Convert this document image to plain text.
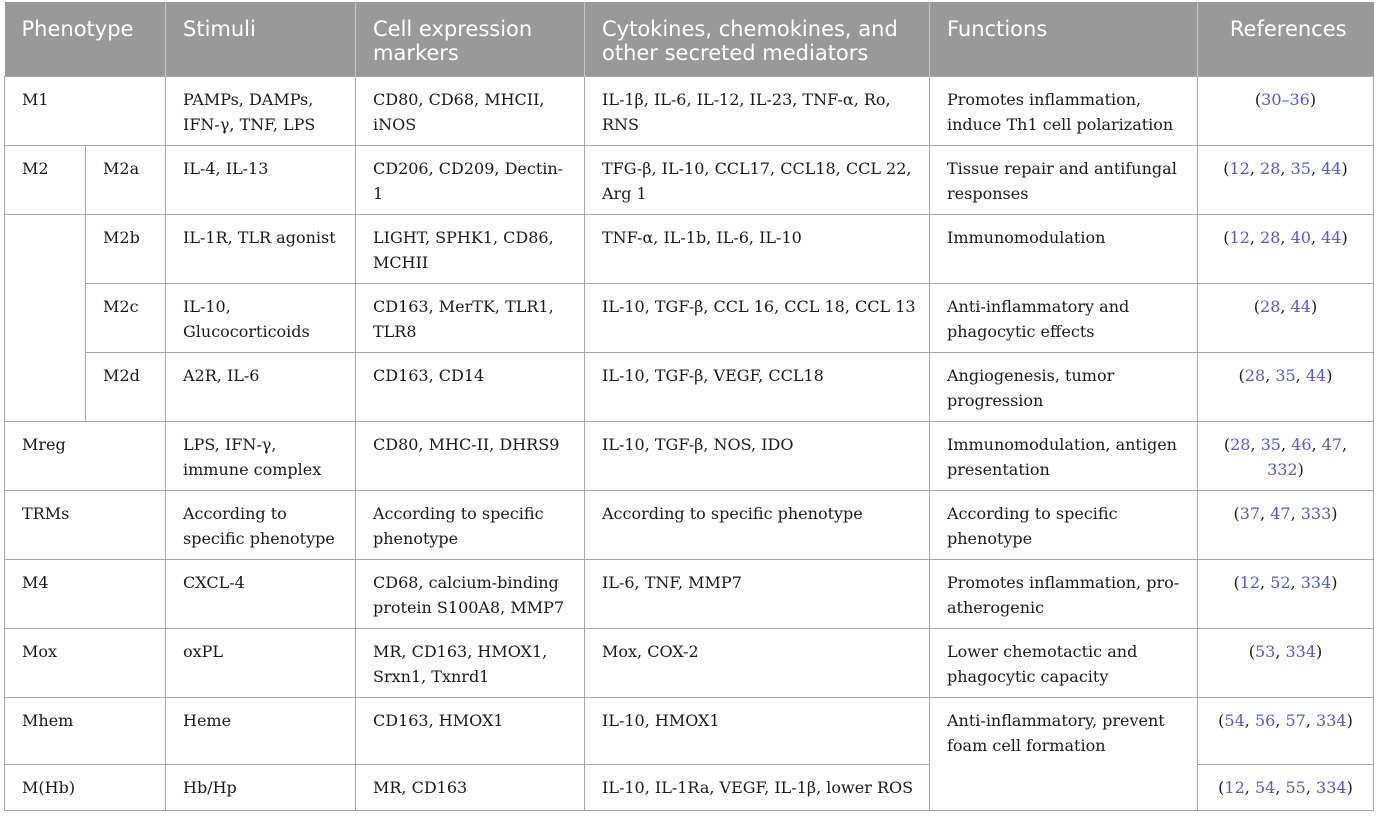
Phenotype		Stimuli	Cell expression markers	Cytokines, chemokines, and other secreted mediators	Functions	References
M1		PAMPs, DAMPs, IFN-γ, TNF, LPS	CD80, CD68, MHCII, iNOS	IL-1β, IL-6, IL-12, IL-23, TNF-α, Ro, RNS	Promotes inflammation, induce Th1 cell polarization	(30–36)
M2	M2a	IL-4, IL-13	CD206, CD209, Dectin-1	TFG-β, IL-10, CCL17, CCL18, CCL 22, Arg 1	Tissue repair and antifungal responses	(12, 28, 35, 44)
	M2b	IL-1R, TLR agonist	LIGHT, SPHK1, CD86, MCHII	TNF-α, IL-1b, IL-6, IL-10	Immunomodulation	(12, 28, 40, 44)
	M2c	IL-10, Glucocorticoids	CD163, MerTK, TLR1, TLR8	IL-10, TGF-β, CCL 16, CCL 18, CCL 13	Anti-inflammatory and phagocytic effects	(28, 44)
	M2d	A2R, IL-6	CD163, CD14	IL-10, TGF-β, VEGF, CCL18	Angiogenesis, tumor progression	(28, 35, 44)
Mreg		LPS, IFN-γ, immune complex	CD80, MHC-II, DHRS9	IL-10, TGF-β, NOS, IDO	Immunomodulation, antigen presentation	(28, 35, 46, 47, 332)
TRMs		According to specific phenotype	According to specific phenotype	According to specific phenotype	According to specific phenotype	(37, 47, 333)
M4		CXCL-4	CD68, calcium-binding protein S100A8, MMP7	IL-6, TNF, MMP7	Promotes inflammation, pro-atherogenic	(12, 52, 334)
Mox		oxPL	MR, CD163, HMOX1, Srxn1, Txnrd1	Mox, COX-2	Lower chemotactic and phagocytic capacity	(53, 334)
Mhem		Heme	CD163, HMOX1	IL-10, HMOX1	Anti-inflammatory, prevent foam cell formation	(54, 56, 57, 334)
M(Hb)		Hb/Hp	MR, CD163	IL-10, IL-1Ra, VEGF, IL-1β, lower ROS		(12, 54, 55, 334)
